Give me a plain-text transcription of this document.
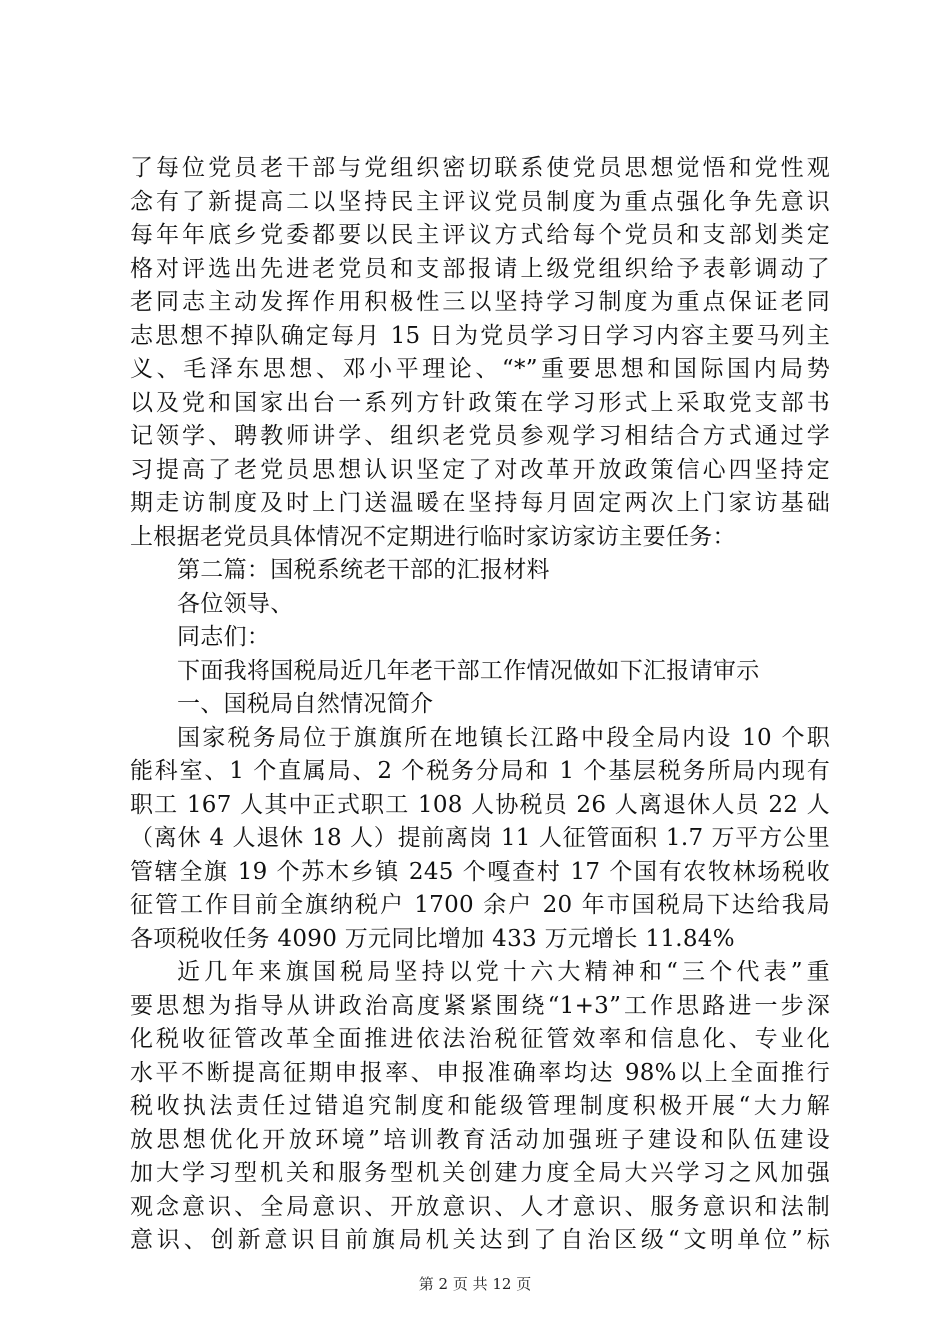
了每位党员老干部与党组织密切联系使党员思想觉悟和党性观
念有了新提高二以坚持民主评议党员制度为重点强化争先意识
每年年底乡党委都要以民主评议方式给每个党员和支部划类定
格对评选出先进老党员和支部报请上级党组织给予表彰调动了
老同志主动发挥作用积极性三以坚持学习制度为重点保证老同
志思想不掉队确定每月 15 日为党员学习日学习内容主要马列主
义、毛泽东思想、邓小平理论、“*”重要思想和国际国内局势
以及党和国家出台一系列方针政策在学习形式上采取党支部书
记领学、聘教师讲学、组织老党员参观学习相结合方式通过学
习提高了老党员思想认识坚定了对改革开放政策信心四坚持定
期走访制度及时上门送温暖在坚持每月固定两次上门家访基础
上根据老党员具体情况不定期进行临时家访家访主要任务：
第二篇：国税系统老干部的汇报材料
各位领导、
同志们：
下面我将国税局近几年老干部工作情况做如下汇报请审示
一、国税局自然情况简介
国家税务局位于旗旗所在地镇长江路中段全局内设 10 个职
能科室、1 个直属局、2 个税务分局和 1 个基层税务所局内现有
职工 167 人其中正式职工 108 人协税员 26 人离退休人员 22 人
（离休 4 人退休 18 人）提前离岗 11 人征管面积 1.7 万平方公里
管辖全旗 19 个苏木乡镇 245 个嘎查村 17 个国有农牧林场税收
征管工作目前全旗纳税户 1700 余户 20 年市国税局下达给我局
各项税收任务 4090 万元同比增加 433 万元增长 11.84%
近几年来旗国税局坚持以党十六大精神和“三个代表”重
要思想为指导从讲政治高度紧紧围绕“1+3”工作思路进一步深
化税收征管改革全面推进依法治税征管效率和信息化、专业化
水平不断提高征期申报率、申报准确率均达 98%以上全面推行
税收执法责任过错追究制度和能级管理制度积极开展“大力解
放思想优化开放环境”培训教育活动加强班子建设和队伍建设
加大学习型机关和服务型机关创建力度全局大兴学习之风加强
观念意识、全局意识、开放意识、人才意识、服务意识和法制
意识、创新意识目前旗局机关达到了自治区级“文明单位”标
第 2 页 共 12 页
